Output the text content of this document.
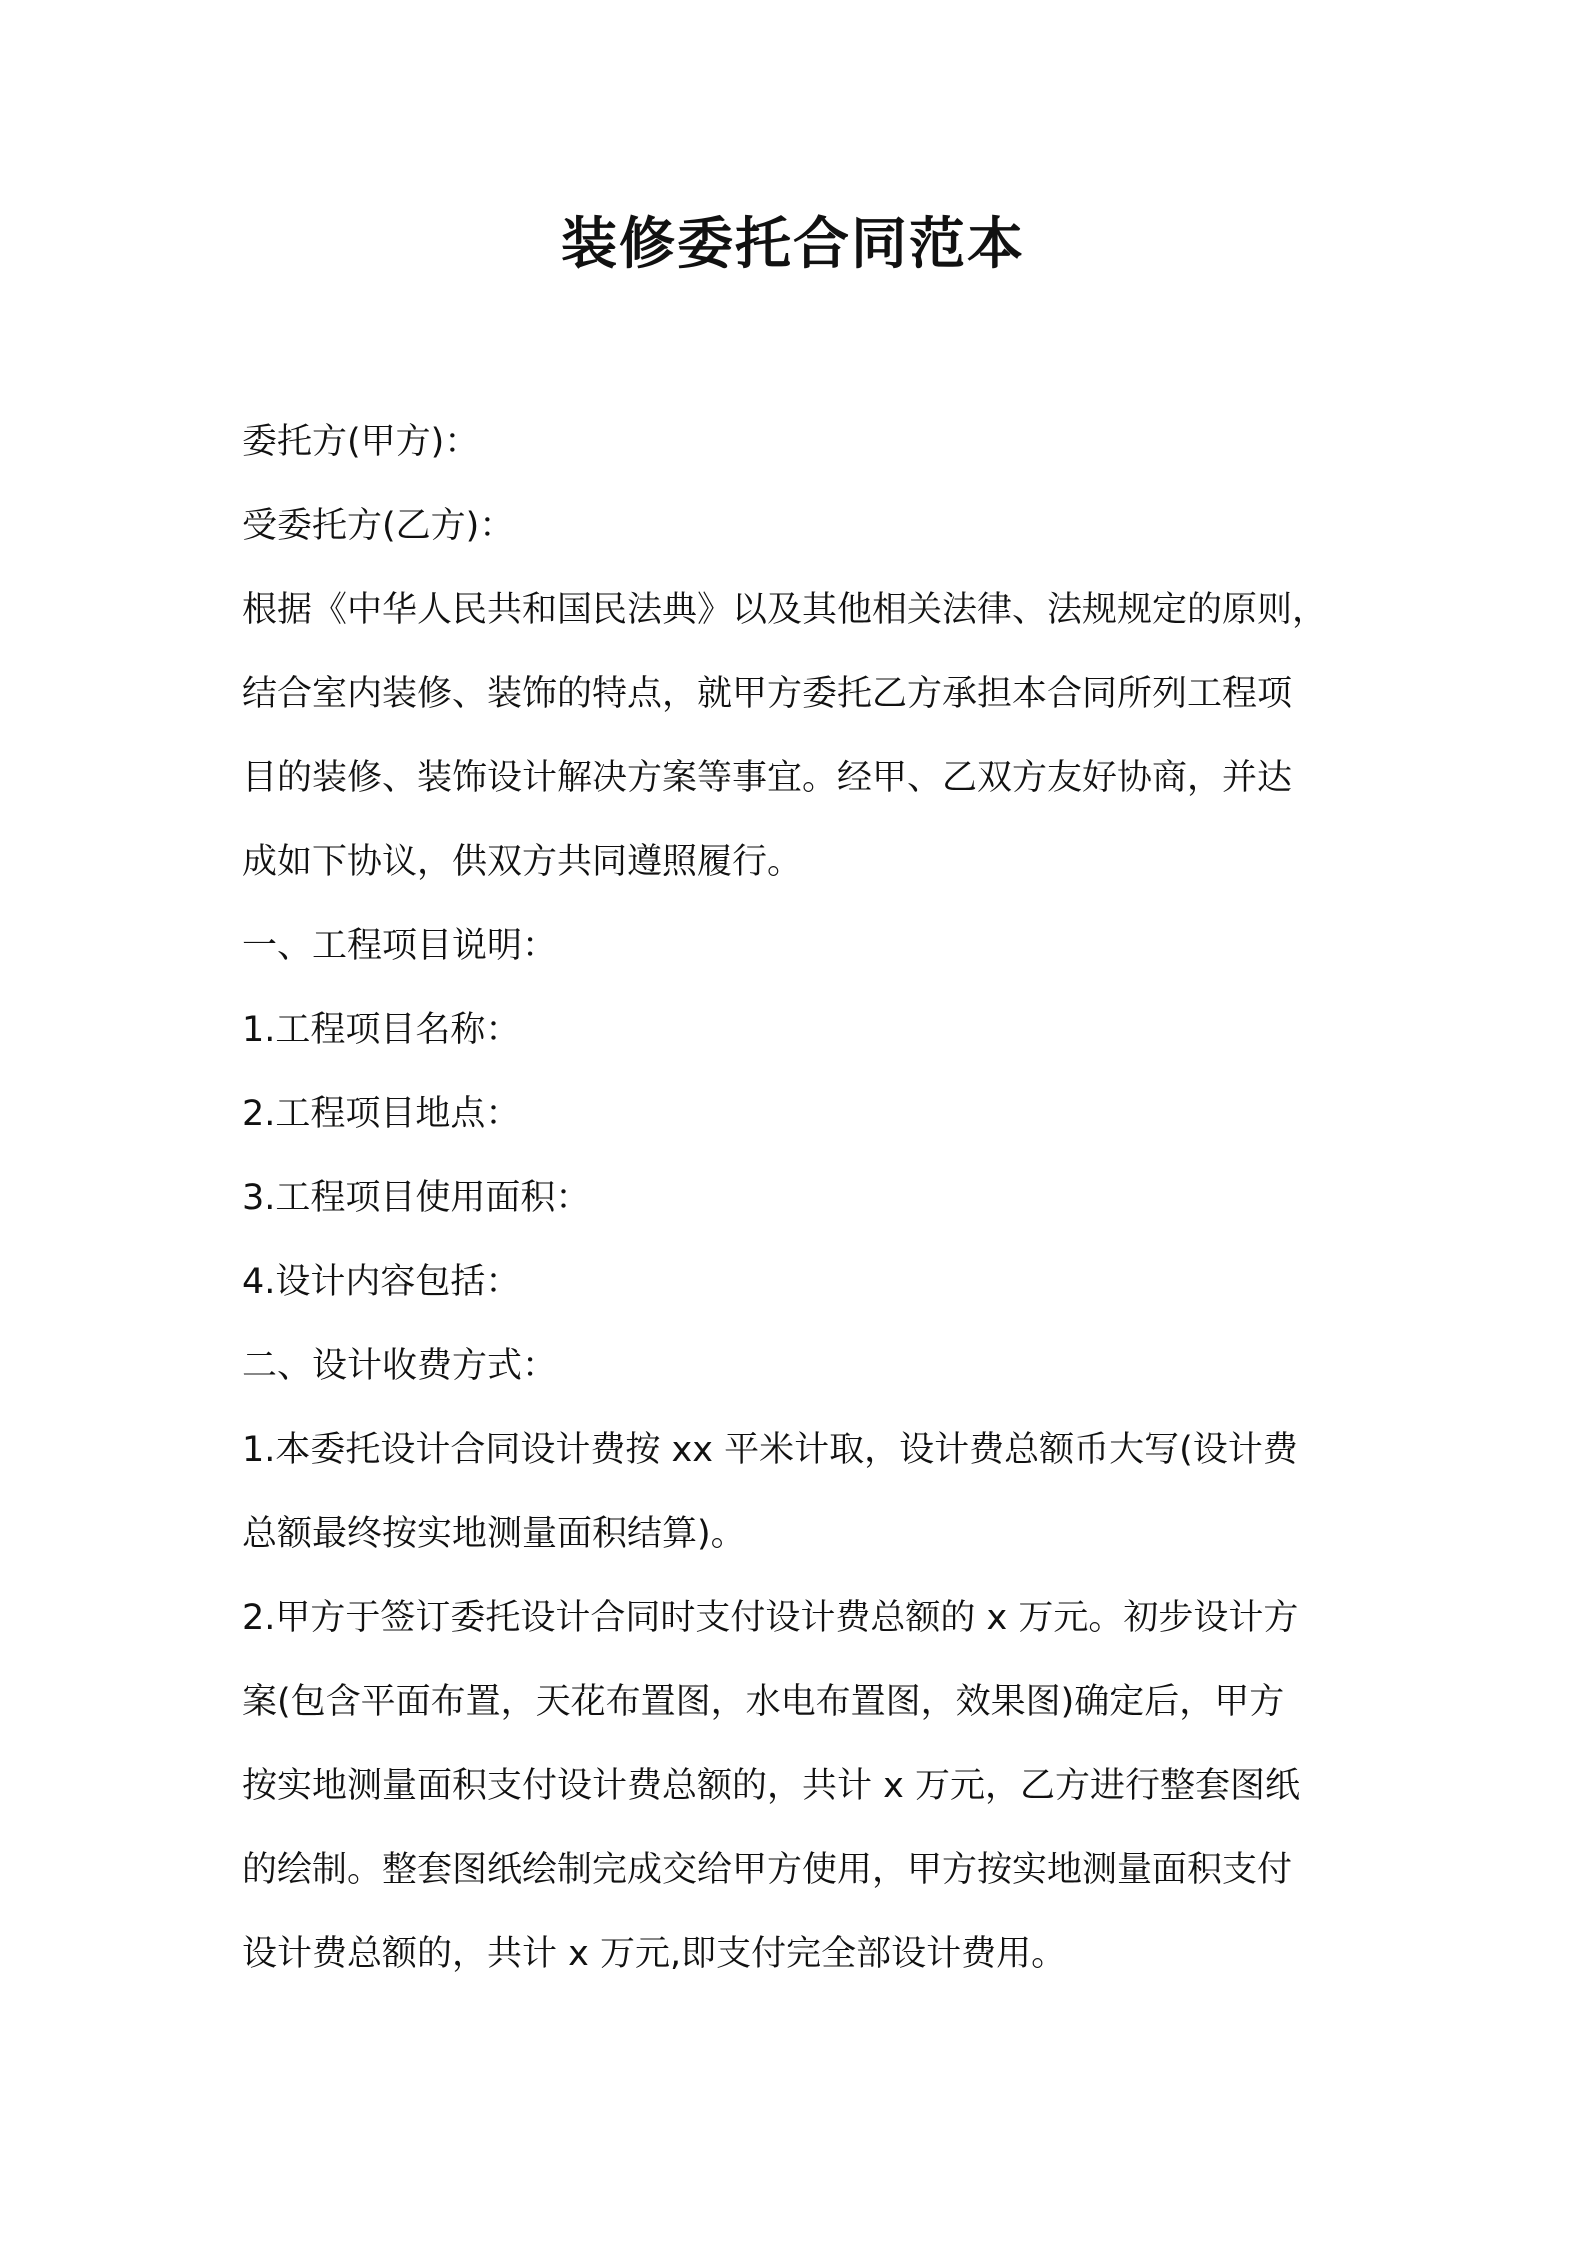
装修委托合同范本
委托方(甲方)：
受委托方(乙方)：
根据《中华人民共和国民法典》以及其他相关法律、法规规定的原则，
结合室内装修、装饰的特点，就甲方委托乙方承担本合同所列工程项
目的装修、装饰设计解决方案等事宜。经甲、乙双方友好协商，并达
成如下协议，供双方共同遵照履行。
一、工程项目说明：
1.工程项目名称：
2.工程项目地点：
3.工程项目使用面积：
4.设计内容包括：
二、设计收费方式：
1.本委托设计合同设计费按 xx 平米计取，设计费总额币大写(设计费
总额最终按实地测量面积结算)。
2.甲方于签订委托设计合同时支付设计费总额的 x 万元。初步设计方
案(包含平面布置，天花布置图，水电布置图，效果图)确定后，甲方
按实地测量面积支付设计费总额的，共计 x 万元，乙方进行整套图纸
的绘制。整套图纸绘制完成交给甲方使用，甲方按实地测量面积支付
设计费总额的，共计 x 万元,即支付完全部设计费用。
